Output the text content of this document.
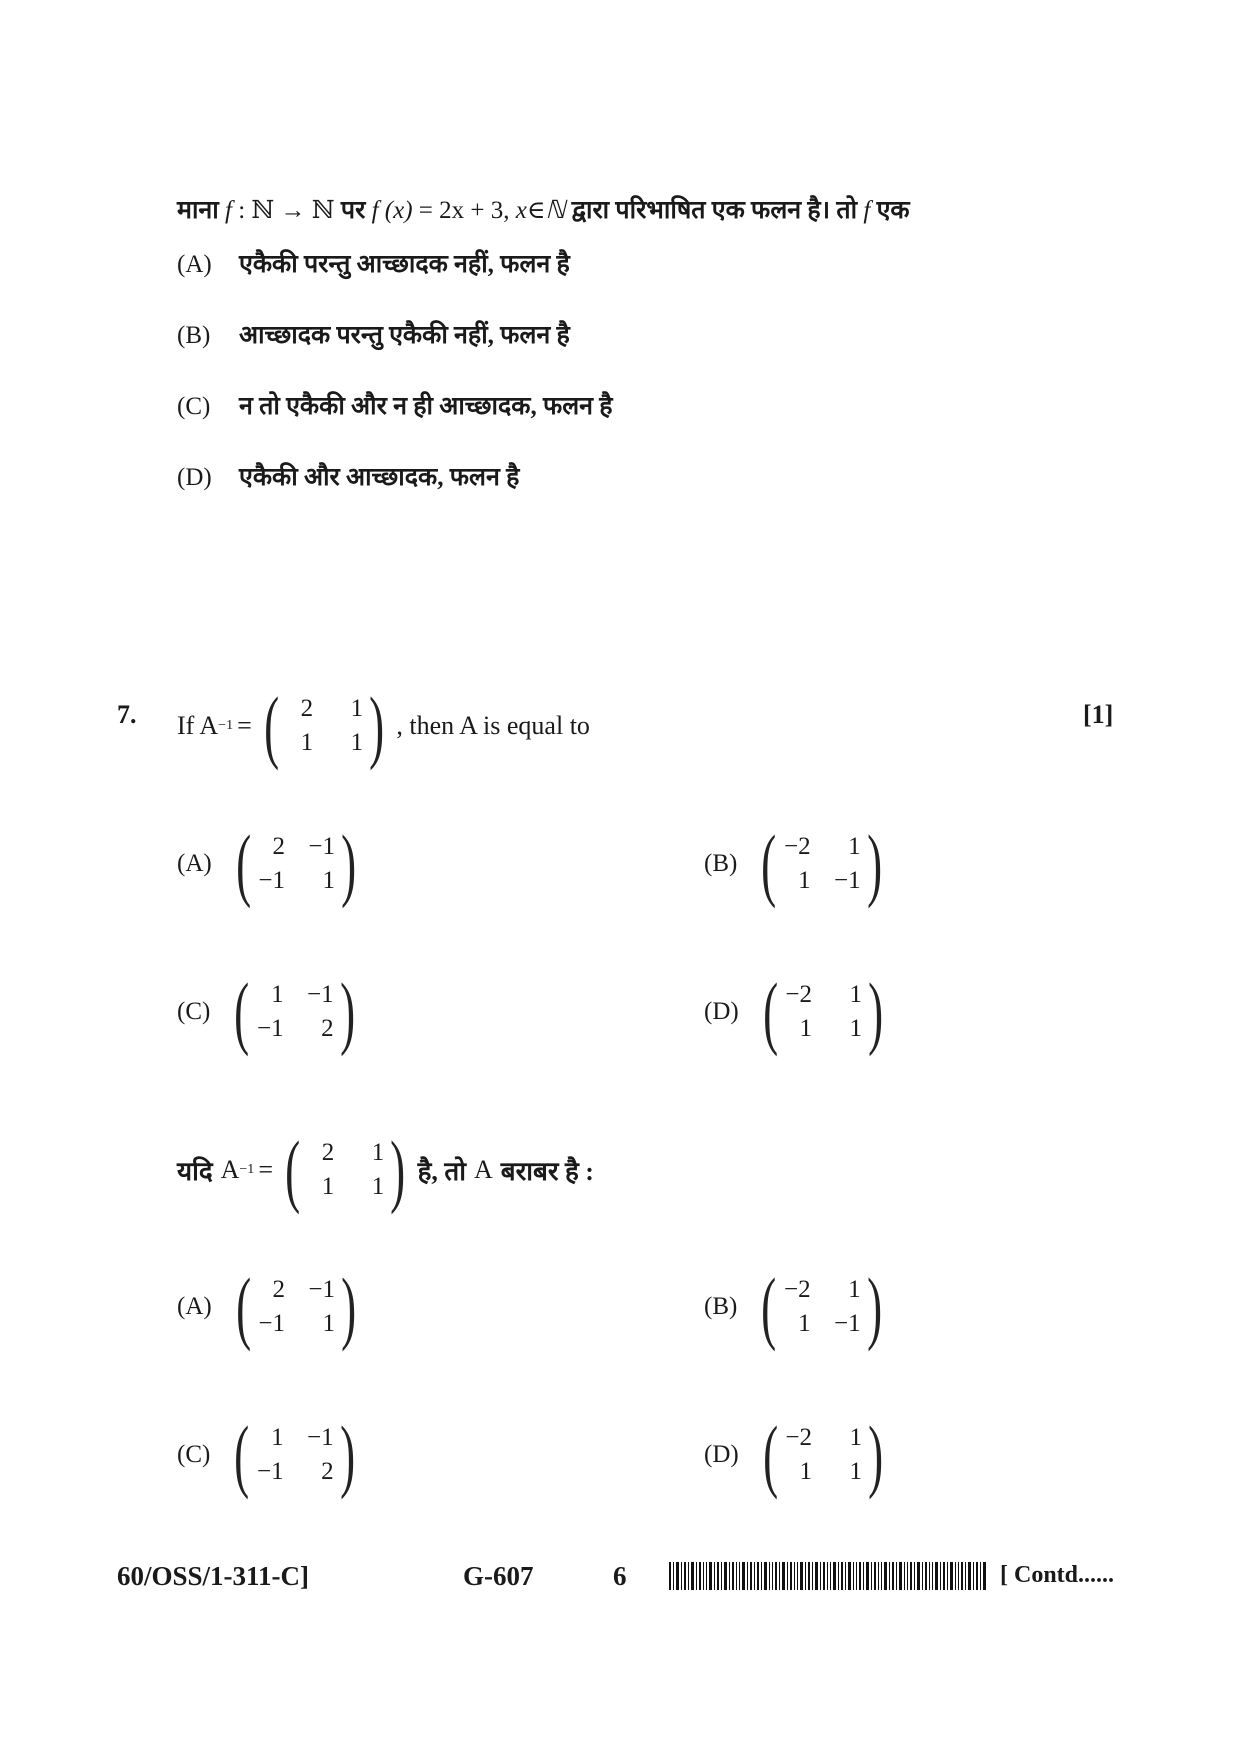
माना f : ℕ → ℕ पर f (x) = 2x + 3, x∈ℕ द्वारा परिभाषित एक फलन है। तो f एक
(A) एकैकी परन्तु आच्छादक नहीं, फलन है
(B) आच्छादक परन्तु एकैकी नहीं, फलन है
(C) न तो एकैकी और न ही आच्छादक, फलन है
(D) एकैकी और आच्छादक, फलन है
7. If A −1 = ( 2	1
1	1 ) , then A is equal to	[1]
(A) ( 2 −1
−1	1 )	(B) ( −2	1
1 −1 )
(C) ( 1 −1
−1	2 )	(D) ( −2	1
1	1 )
यदि A −1 = ( 2	1
1	1 ) है, तो A बराबर है :
(A) ( 2 −1
−1	1 )	(B) ( −2	1
1 −1 )
(C) ( 1 −1
−1	2 )	(D) ( −2	1
1	1 )
60/OSS/1-311-C]	G-607	6	[ Contd......
